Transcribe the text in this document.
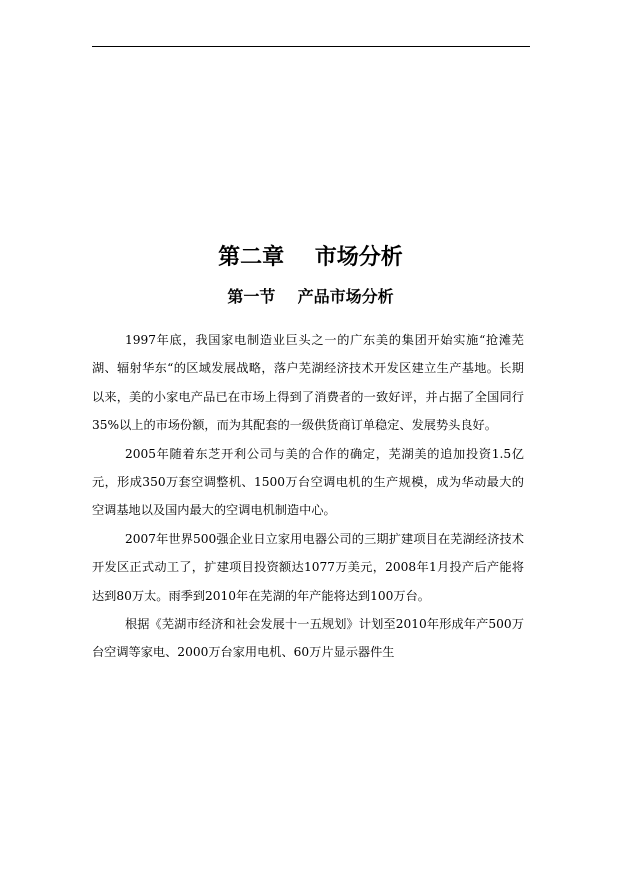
第二章    市场分析
第一节    产品市场分析

1997年底，我国家电制造业巨头之一的广东美的集团开始实施“抢滩芜湖、辐射华东“的区域发展战略，落户芜湖经济技术开发区建立生产基地。长期以来，美的小家电产品已在市场上得到了消费者的一致好评，并占据了全国同行35%以上的市场份额，而为其配套的一级供货商订单稳定、发展势头良好。

2005年随着东芝开利公司与美的合作的确定，芜湖美的追加投资1.5亿元，形成350万套空调整机、1500万台空调电机的生产规模，成为华动最大的空调基地以及国内最大的空调电机制造中心。

2007年世界500强企业日立家用电器公司的三期扩建项目在芜湖经济技术开发区正式动工了，扩建项目投资额达1077万美元，2008年1月投产后产能将达到80万太。雨季到2010年在芜湖的年产能将达到100万台。

根据《芜湖市经济和社会发展十一五规划》计划至2010年形成年产500万台空调等家电、2000万台家用电机、60万片显示器件生
